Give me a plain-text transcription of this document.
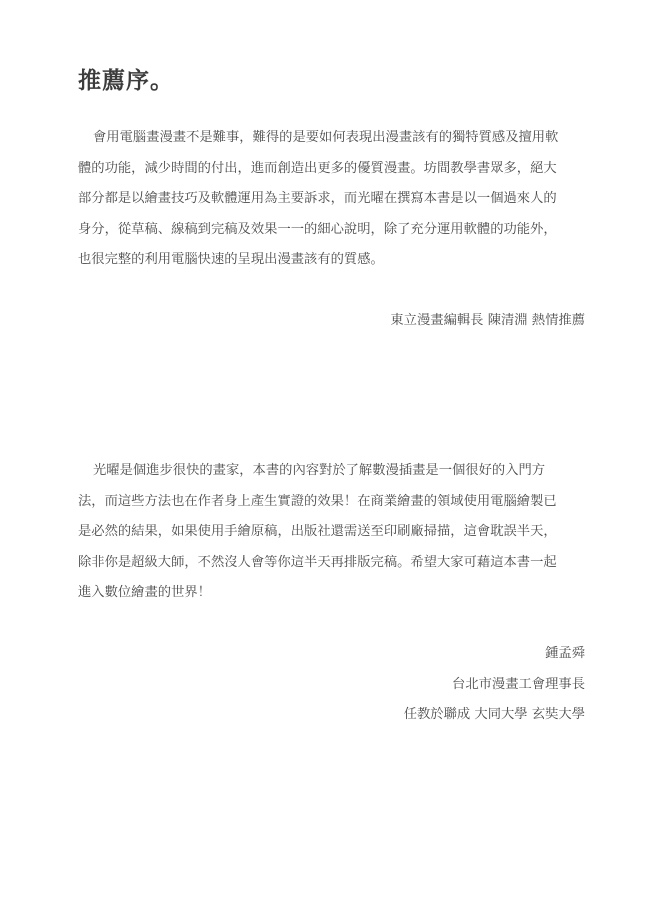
推薦序。
會用電腦畫漫畫不是難事，難得的是要如何表現出漫畫該有的獨特質感及擅用軟
體的功能，減少時間的付出，進而創造出更多的優質漫畫。坊間教學書眾多，絕大
部分都是以繪畫技巧及軟體運用為主要訴求，而光曜在撰寫本書是以一個過來人的
身分，從草稿、線稿到完稿及效果一一的細心說明，除了充分運用軟體的功能外，
也很完整的利用電腦快速的呈現出漫畫該有的質感。
東立漫畫編輯長 陳清淵 熱情推薦
光曜是個進步很快的畫家，本書的內容對於了解數漫插畫是一個很好的入門方
法，而這些方法也在作者身上產生實證的效果！在商業繪畫的領域使用電腦繪製已
是必然的結果，如果使用手繪原稿，出版社還需送至印刷廠掃描，這會耽誤半天，
除非你是超級大師，不然沒人會等你這半天再排版完稿。希望大家可藉這本書一起
進入數位繪畫的世界！
鍾孟舜
台北市漫畫工會理事長
任教於聯成 大同大學 玄奘大學
